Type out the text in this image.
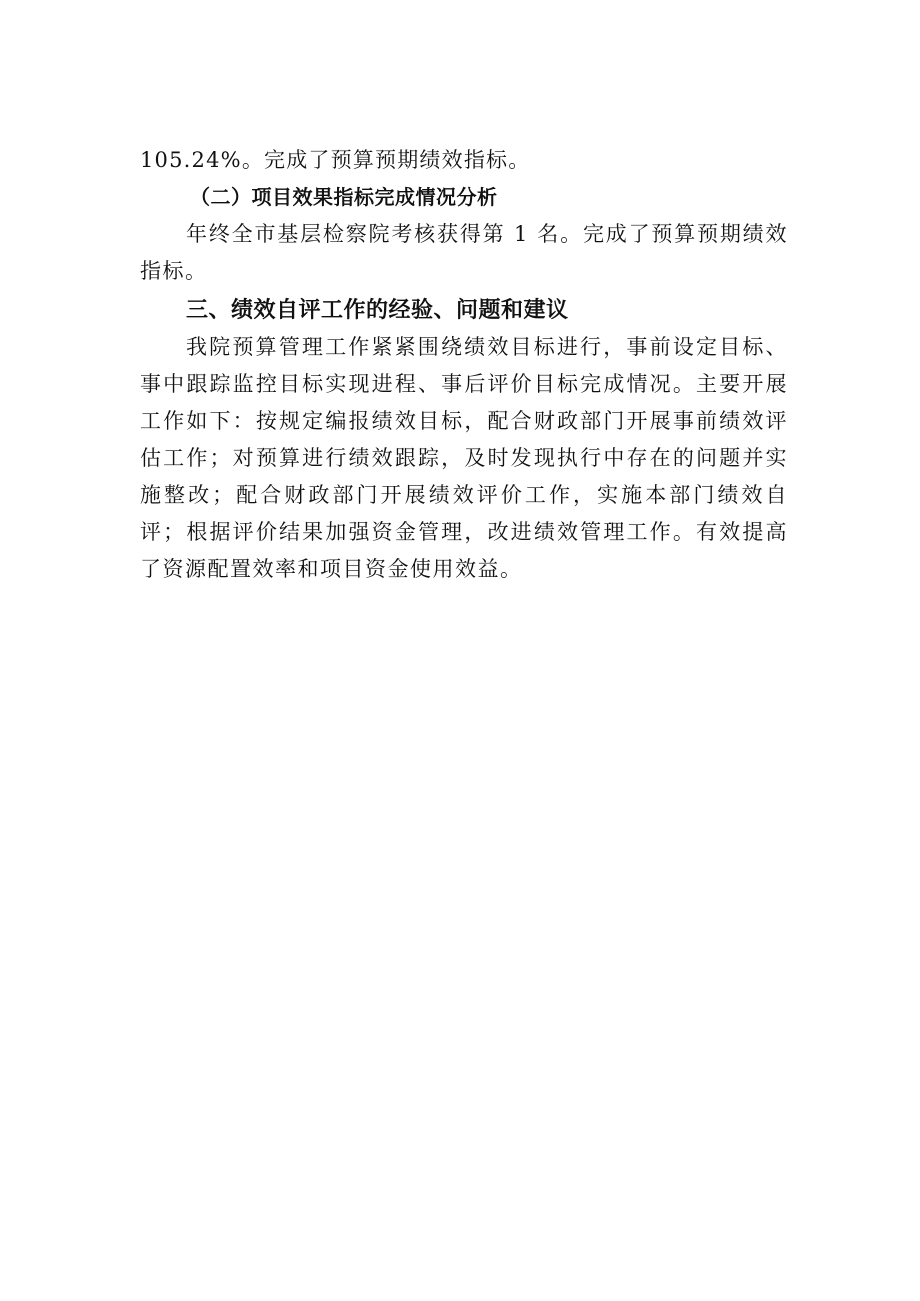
105.24%。完成了预算预期绩效指标。
（二）项目效果指标完成情况分析
年终全市基层检察院考核获得第 1 名。完成了预算预期绩效指标。
三、绩效自评工作的经验、问题和建议
我院预算管理工作紧紧围绕绩效目标进行，事前设定目标、事中跟踪监控目标实现进程、事后评价目标完成情况。主要开展工作如下：按规定编报绩效目标，配合财政部门开展事前绩效评估工作；对预算进行绩效跟踪，及时发现执行中存在的问题并实施整改；配合财政部门开展绩效评价工作，实施本部门绩效自评；根据评价结果加强资金管理，改进绩效管理工作。有效提高了资源配置效率和项目资金使用效益。
